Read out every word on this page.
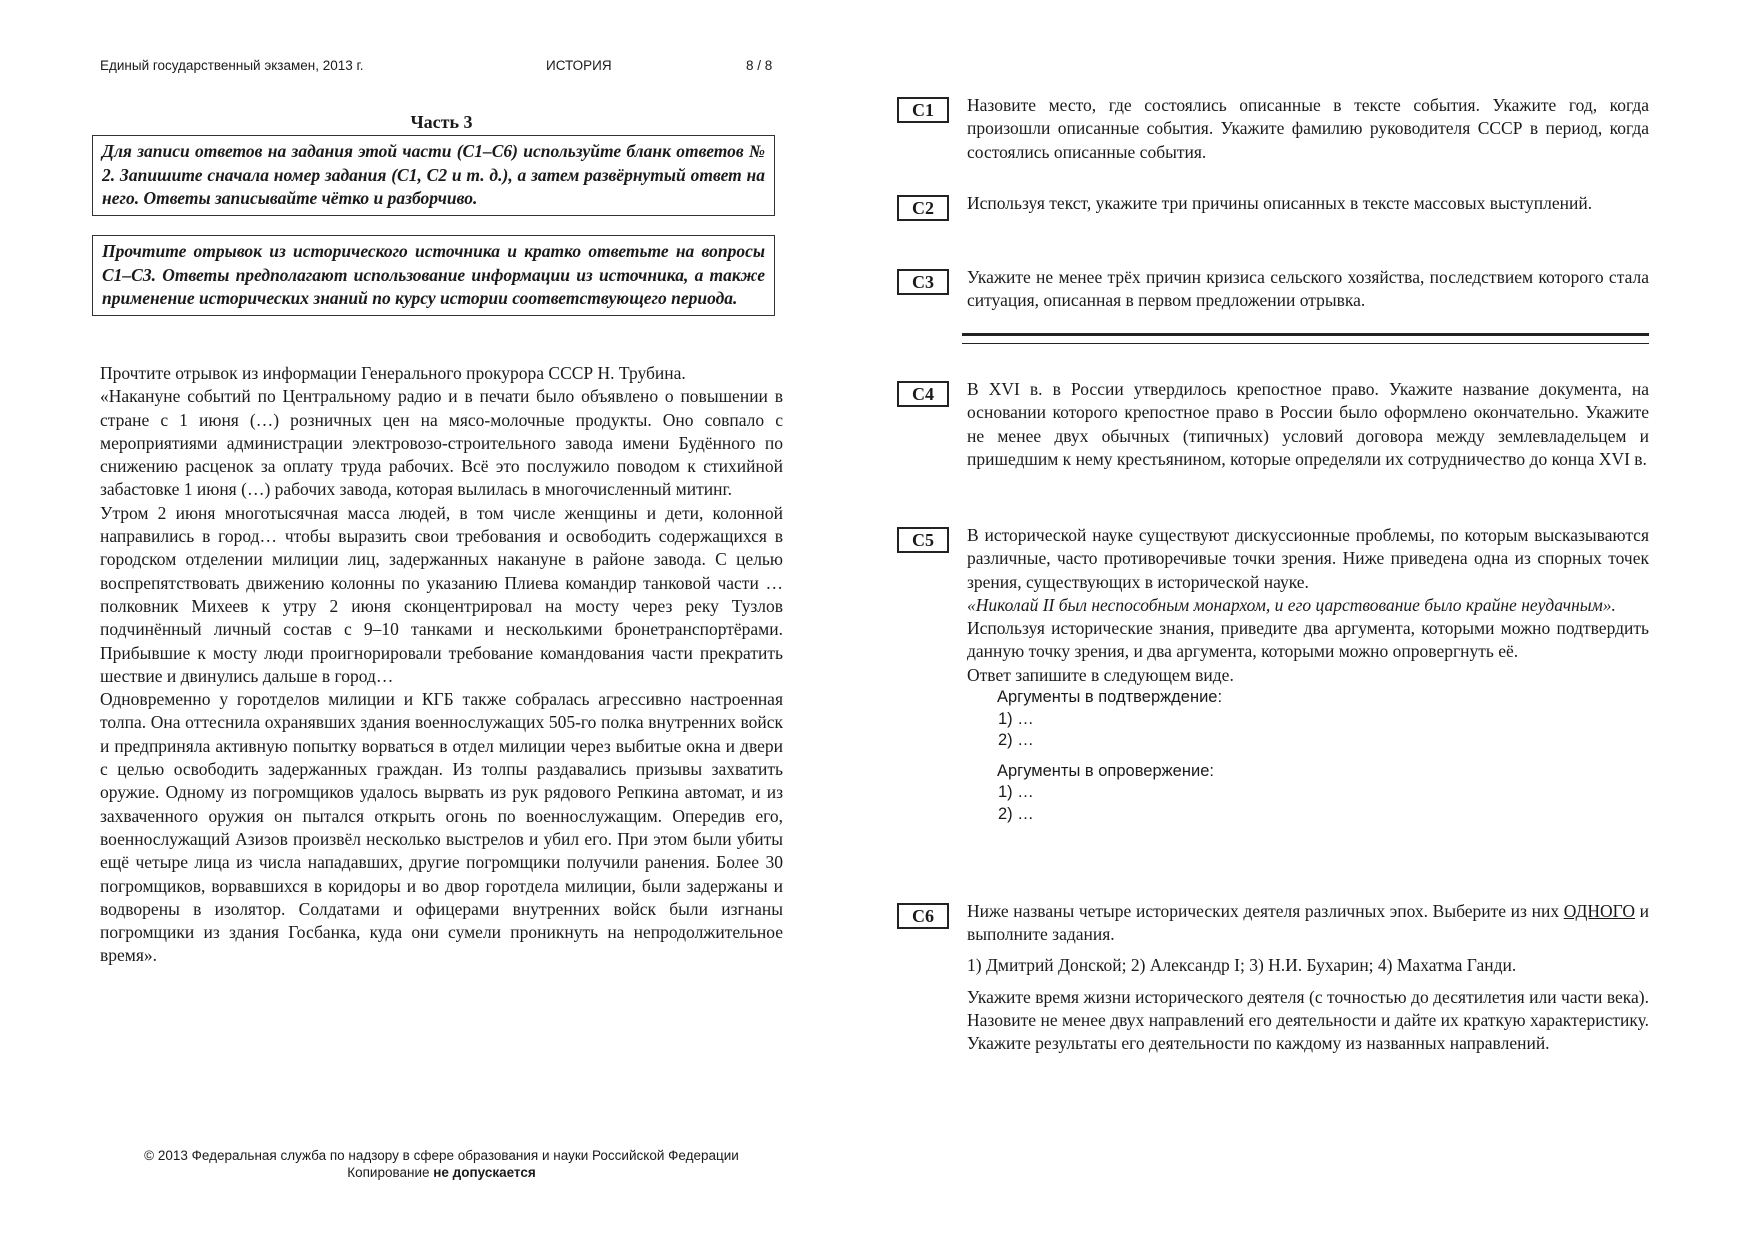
Единый государственный экзамен, 2013 г.	ИСТОРИЯ	8 / 8
Часть 3
Для записи ответов на задания этой части (С1–С6) используйте бланк ответов № 2. Запишите сначала номер задания (С1, С2 и т. д.), а затем развёрнутый ответ на него. Ответы записывайте чётко и разборчиво.
Прочтите отрывок из исторического источника и кратко ответьте на вопросы С1–С3. Ответы предполагают использование информации из источника, а также применение исторических знаний по курсу истории соответствующего периода.

Прочтите отрывок из информации Генерального прокурора СССР Н. Трубина.

«Накануне событий по Центральному радио и в печати было объявлено о повышении в стране с 1 июня (…) розничных цен на мясо-молочные продукты. Оно совпало с мероприятиями администрации электровозо-строительного завода имени Будённого по снижению расценок за оплату труда рабочих. Всё это послужило поводом к стихийной забастовке 1 июня (…) рабочих завода, которая вылилась в многочисленный митинг.

Утром 2 июня многотысячная масса людей, в том числе женщины и дети, колонной направились в город… чтобы выразить свои требования и освободить содержащихся в городском отделении милиции лиц, задержанных накануне в районе завода. С целью воспрепятствовать движению колонны по указанию Плиева командир танковой части …полковник Михеев к утру 2 июня сконцентрировал на мосту через реку Тузлов подчинённый личный состав с 9–10 танками и несколькими бронетранспортёрами. Прибывшие к мосту люди проигнорировали требование командования части прекратить шествие и двинулись дальше в город…

Одновременно у горотделов милиции и КГБ также собралась агрессивно настроенная толпа. Она оттеснила охранявших здания военнослужащих 505-го полка внутренних войск и предприняла активную попытку ворваться в отдел милиции через выбитые окна и двери с целью освободить задержанных граждан. Из толпы раздавались призывы захватить оружие. Одному из погромщиков удалось вырвать из рук рядового Репкина автомат, и из захваченного оружия он пытался открыть огонь по военнослужащим. Опередив его, военнослужащий Азизов произвёл несколько выстрелов и убил его. При этом были убиты ещё четыре лица из числа нападавших, другие погромщики получили ранения. Более 30 погромщиков, ворвавшихся в коридоры и во двор горотдела милиции, были задержаны и водворены в изолятор. Солдатами и офицерами внутренних войск были изгнаны погромщики из здания Госбанка, куда они сумели проникнуть на непродолжительное время».

© 2013 Федеральная служба по надзору в сфере образования и науки Российской Федерации
Копирование не допускается
C1	Назовите место, где состоялись описанные в тексте события. Укажите год, когда произошли описанные события. Укажите фамилию руководителя СССР в период, когда состоялись описанные события.
C2	Используя текст, укажите три причины описанных в тексте массовых выступлений.
C3	Укажите не менее трёх причин кризиса сельского хозяйства, последствием которого стала ситуация, описанная в первом предложении отрывка.
C4	В XVI в. в России утвердилось крепостное право. Укажите название документа, на основании которого крепостное право в России было оформлено окончательно. Укажите не менее двух обычных (типичных) условий договора между землевладельцем и пришедшим к нему крестьянином, которые определяли их сотрудничество до конца XVI в.
C5	В исторической науке существуют дискуссионные проблемы, по которым высказываются различные, часто противоречивые точки зрения. Ниже приведена одна из спорных точек зрения, существующих в исторической науке.

«Николай II был неспособным монархом, и его царствование было крайне неудачным».

Используя исторические знания, приведите два аргумента, которыми можно подтвердить данную точку зрения, и два аргумента, которыми можно опровергнуть её.

Ответ запишите в следующем виде.

Аргументы в подтверждение:
1) …
2) …
Аргументы в опровержение:
1) …
2) …
C6	Ниже названы четыре исторических деятеля различных эпох. Выберите из них ОДНОГО и выполните задания.

1) Дмитрий Донской; 2) Александр I; 3) Н.И. Бухарин; 4) Махатма Ганди.

Укажите время жизни исторического деятеля (с точностью до десятилетия или части века). Назовите не менее двух направлений его деятельности и дайте их краткую характеристику. Укажите результаты его деятельности по каждому из названных направлений.
